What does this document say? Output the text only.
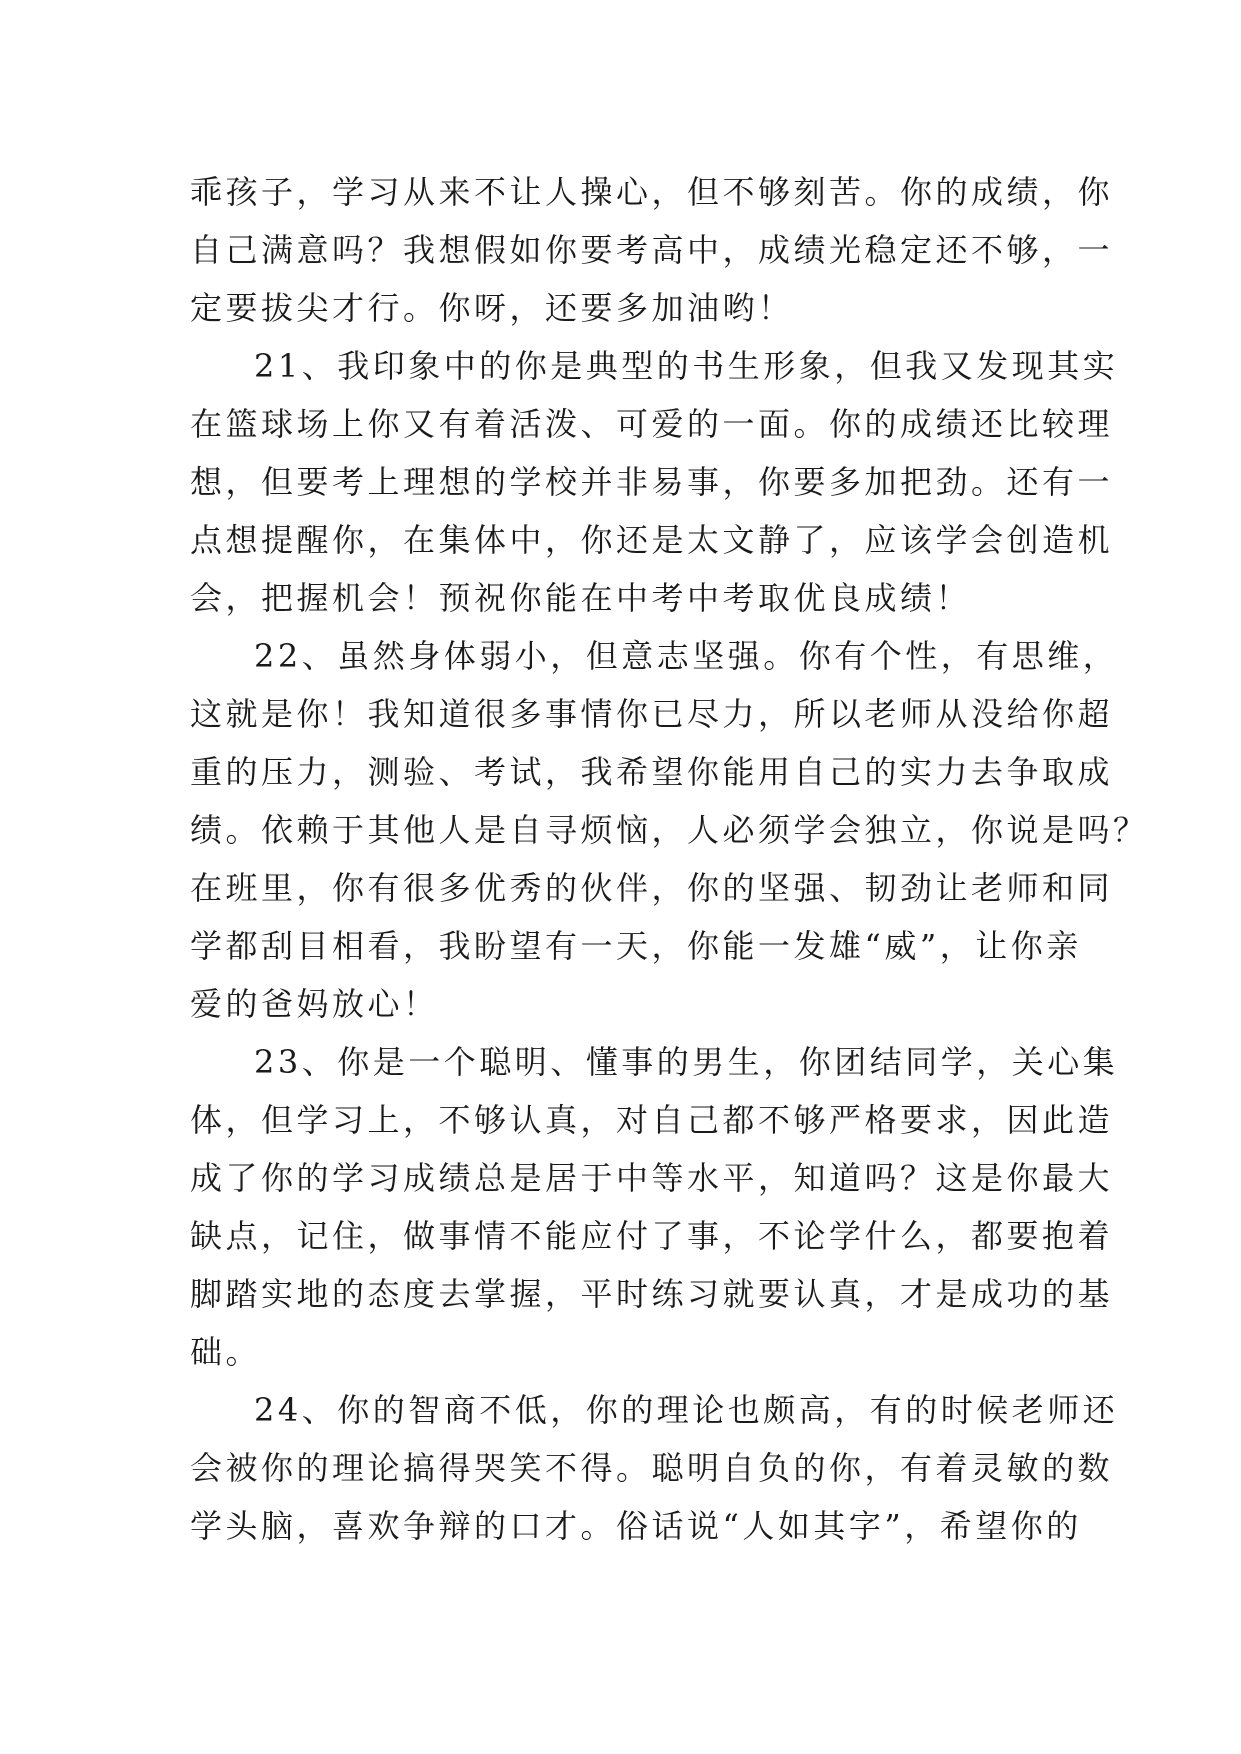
乖孩子，学习从来不让人操心，但不够刻苦。你的成绩，你
自己满意吗？我想假如你要考高中，成绩光稳定还不够，一
定要拔尖才行。你呀，还要多加油哟！
21、我印象中的你是典型的书生形象，但我又发现其实
在篮球场上你又有着活泼、可爱的一面。你的成绩还比较理
想，但要考上理想的学校并非易事，你要多加把劲。还有一
点想提醒你，在集体中，你还是太文静了，应该学会创造机
会，把握机会！预祝你能在中考中考取优良成绩！
22、虽然身体弱小，但意志坚强。你有个性，有思维，
这就是你！我知道很多事情你已尽力，所以老师从没给你超
重的压力，测验、考试，我希望你能用自己的实力去争取成
绩。依赖于其他人是自寻烦恼，人必须学会独立，你说是吗？
在班里，你有很多优秀的伙伴，你的坚强、韧劲让老师和同
学都刮目相看，我盼望有一天，你能一发雄“威”，让你亲
爱的爸妈放心！
23、你是一个聪明、懂事的男生，你团结同学，关心集
体，但学习上，不够认真，对自己都不够严格要求，因此造
成了你的学习成绩总是居于中等水平，知道吗？这是你最大
缺点，记住，做事情不能应付了事，不论学什么，都要抱着
脚踏实地的态度去掌握，平时练习就要认真，才是成功的基
础。
24、你的智商不低，你的理论也颇高，有的时候老师还
会被你的理论搞得哭笑不得。聪明自负的你，有着灵敏的数
学头脑，喜欢争辩的口才。俗话说“人如其字”，希望你的
